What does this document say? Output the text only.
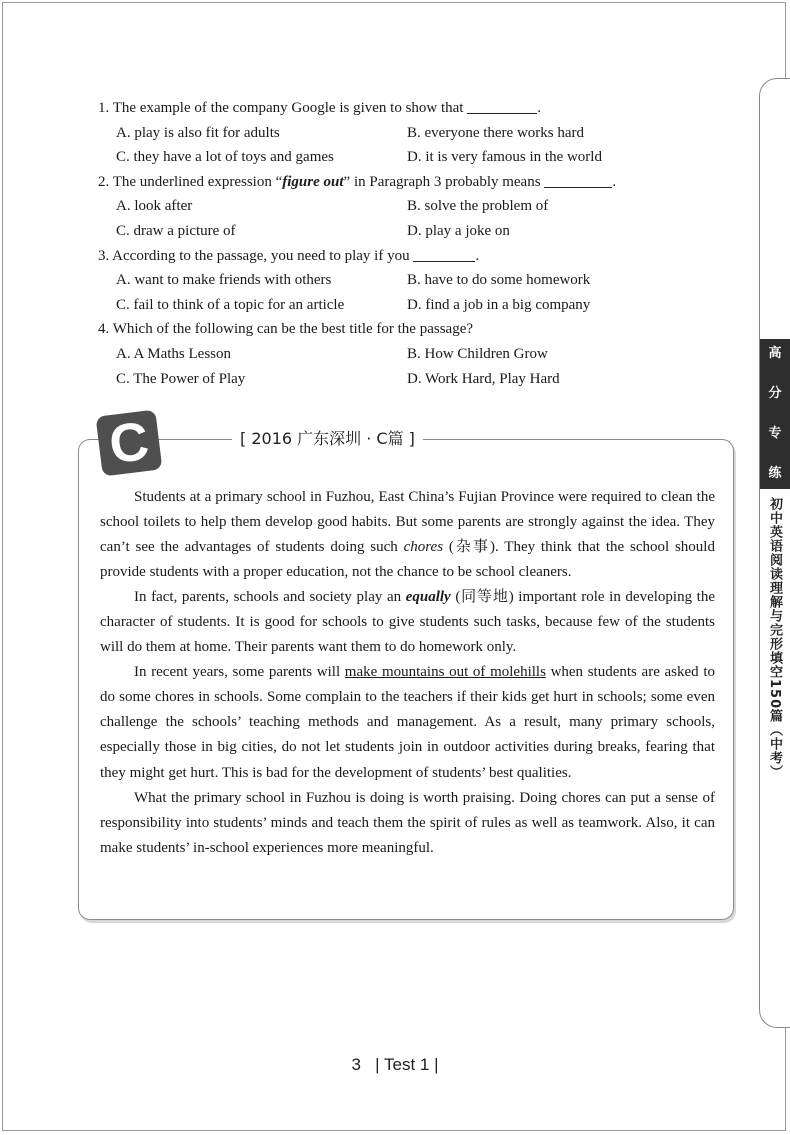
1. The example of the company Google is given to show that	.
A. play is also fit for adults	B. everyone there works hard
C. they have a lot of toys and games	D. it is very famous in the world
2. The underlined expression “figure out” in Paragraph 3 probably means	.
A. look after	B. solve the problem of
C. draw a picture of	D. play a joke on
3. According to the passage, you need to play if you	.
A. want to make friends with others	B. have to do some homework
C. fail to think of a topic for an article	D. find a job in a big company
4. Which of the following can be the best title for the passage?
A. A Maths Lesson	B. How Children Grow
C. The Power of Play	D. Work Hard, Play Hard
C	[ 2016 广东深圳 · C篇 ]

Students at a primary school in Fuzhou, East China’s Fujian Province were required to clean the school toilets to help them develop good habits. But some parents are strongly against the idea. They can’t see the advantages of students doing such chores (杂事). They think that the school should provide students with a proper education, not the chance to be school cleaners.

In fact, parents, schools and society play an equally (同等地) important role in developing the character of students. It is good for schools to give students such tasks, because few of the students will do them at home. Their parents want them to do homework only.

In recent years, some parents will make mountains out of molehills when students are asked to do some chores in schools. Some complain to the teachers if their kids get hurt in schools; some even challenge the schools’ teaching methods and management. As a result, many primary schools, especially those in big cities, do not let students join in outdoor activities during breaks, fearing that they might get hurt. This is bad for the development of students’ best qualities.

What the primary school in Fuzhou is doing is worth praising. Doing chores can put a sense of responsibility into students’ minds and teach them the spirit of rules as well as teamwork. Also, it can make students’ in-school experiences more meaningful.

高
分
专
练
初中英语阅读理解与完形填空150篇（中考）
3 | Test 1 |
